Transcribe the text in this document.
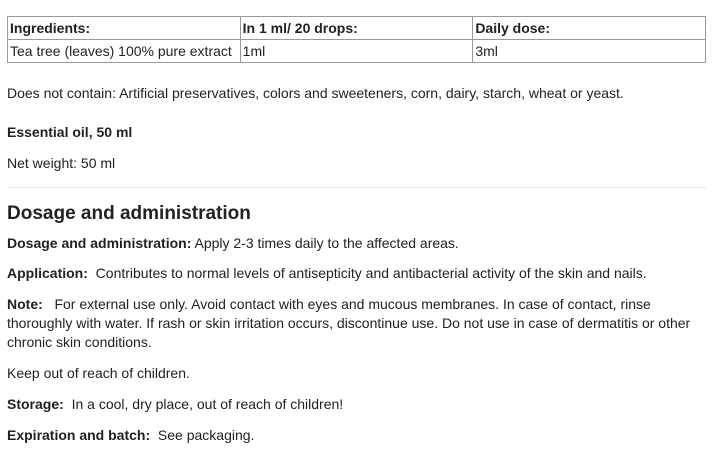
Ingredients:	In 1 ml/ 20 drops:	Daily dose:
Tea tree (leaves) 100% pure extract	1ml	3ml

Does not contain: Artificial preservatives, colors and sweeteners, corn, dairy, starch, wheat or yeast.

Essential oil, 50 ml

Net weight: 50 ml

Dosage and administration

Dosage and administration: Apply 2-3 times daily to the affected areas.

Application: Contributes to normal levels of antisepticity and antibacterial activity of the skin and nails.

Note: For external use only. Avoid contact with eyes and mucous membranes. In case of contact, rinse thoroughly with water. If rash or skin irritation occurs, discontinue use. Do not use in case of dermatitis or other chronic skin conditions.

Keep out of reach of children.

Storage: In a cool, dry place, out of reach of children!

Expiration and batch: See packaging.
